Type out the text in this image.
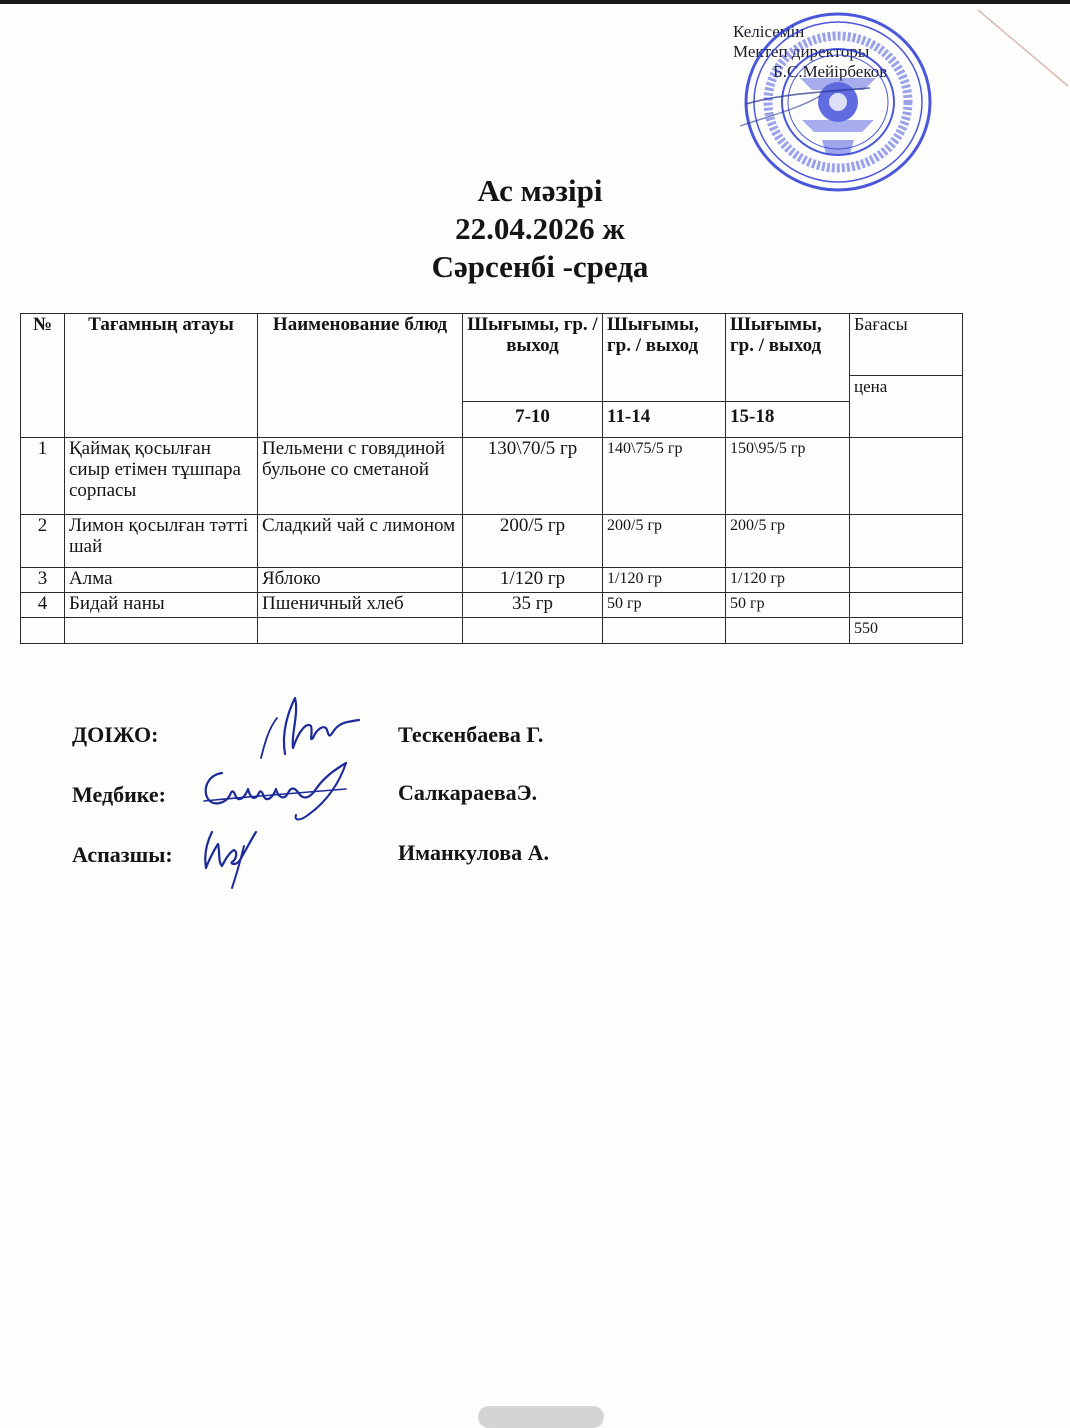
Келісемін
Мектеп директоры
Б.С.Мейірбеков
Ас мәзірі
22.04.2026 ж
Сәрсенбі -среда
№	Тағамның атауы	Наименование блюд	Шығымы, гр. / выход	Шығымы, гр. / выход	Шығымы, гр. / выход	Бағасы
						цена
			7-10	11-14	15-18	
1	Қаймақ қосылған сиыр етімен тұшпара сорпасы	Пельмени с говядиной бульоне со сметаной	130\70/5 гр	140\75/5 гр	150\95/5 гр	
2	Лимон қосылған тәтті шай	Сладкий чай с лимоном	200/5 гр	200/5 гр	200/5 гр	
3	Алма	Яблоко	1/120 гр	1/120 гр	1/120 гр	
4	Бидай наны	Пшеничный хлеб	35 гр	50 гр	50 гр	
						550
ДОІЖО:	Тескенбаева Г.
Медбике:	СалкараеваЭ.
Аспазшы:	Иманкулова А.
